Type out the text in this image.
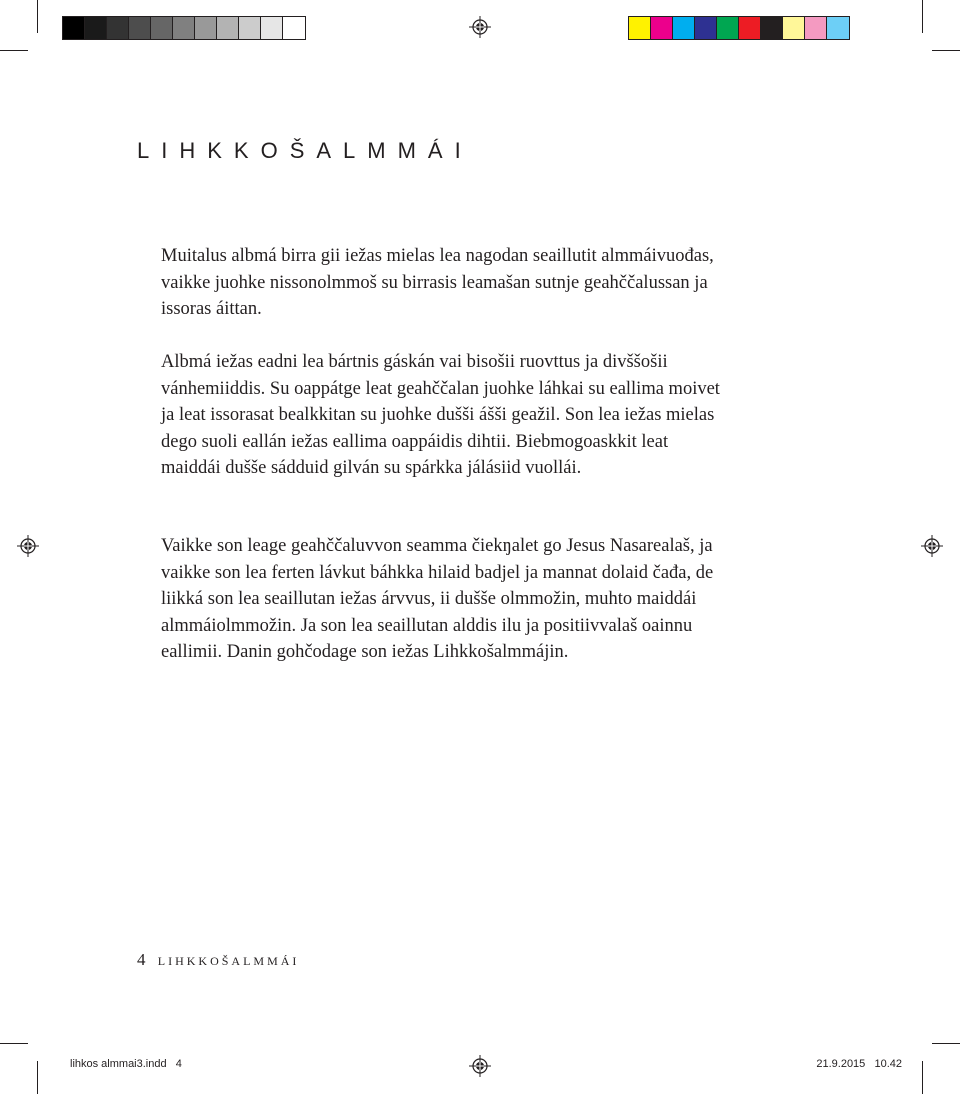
LIHKKOŠALMMÁI

Muitalus albmá birra gii iežas mielas lea nagodan seaillutit almmáivuođas, vaikke juohke nissonolmmoš su birrasis leamašan sutnje geahččalussan ja issoras áittan.

Albmá iežas eadni lea bártnis gáskán vai bisošii ruovttus ja divššošii vánhemiiddis. Su oappátge leat geahččalan juohke láhkai su eallima moivet ja leat issorasat bealkkitan su juohke dušši ášši geažil. Son lea iežas mielas dego suoli eallán iežas eallima oappáidis dihtii. Biebmogoaskkit leat maiddái dušše sádduid gilván su spárkka jálásiid vuollái.

Vaikke son leage geahččaluvvon seamma čiekŋalet go Jesus Nasarealaš, ja vaikke son lea ferten lávkut báhkka hilaid badjel ja mannat dolaid čađa, de liikká son lea seaillutan iežas árvvus, ii dušše olmmožin, muhto maiddái almmáiolmmožin. Ja son lea seaillutan alddis ilu ja positiivvalaš oainnu eallimii. Danin gohčodage son iežas Lihkkošalmmájin.

4 LIHKKOŠALMMÁI
lihkos almmai3.indd   4	21.9.2015   10.42
